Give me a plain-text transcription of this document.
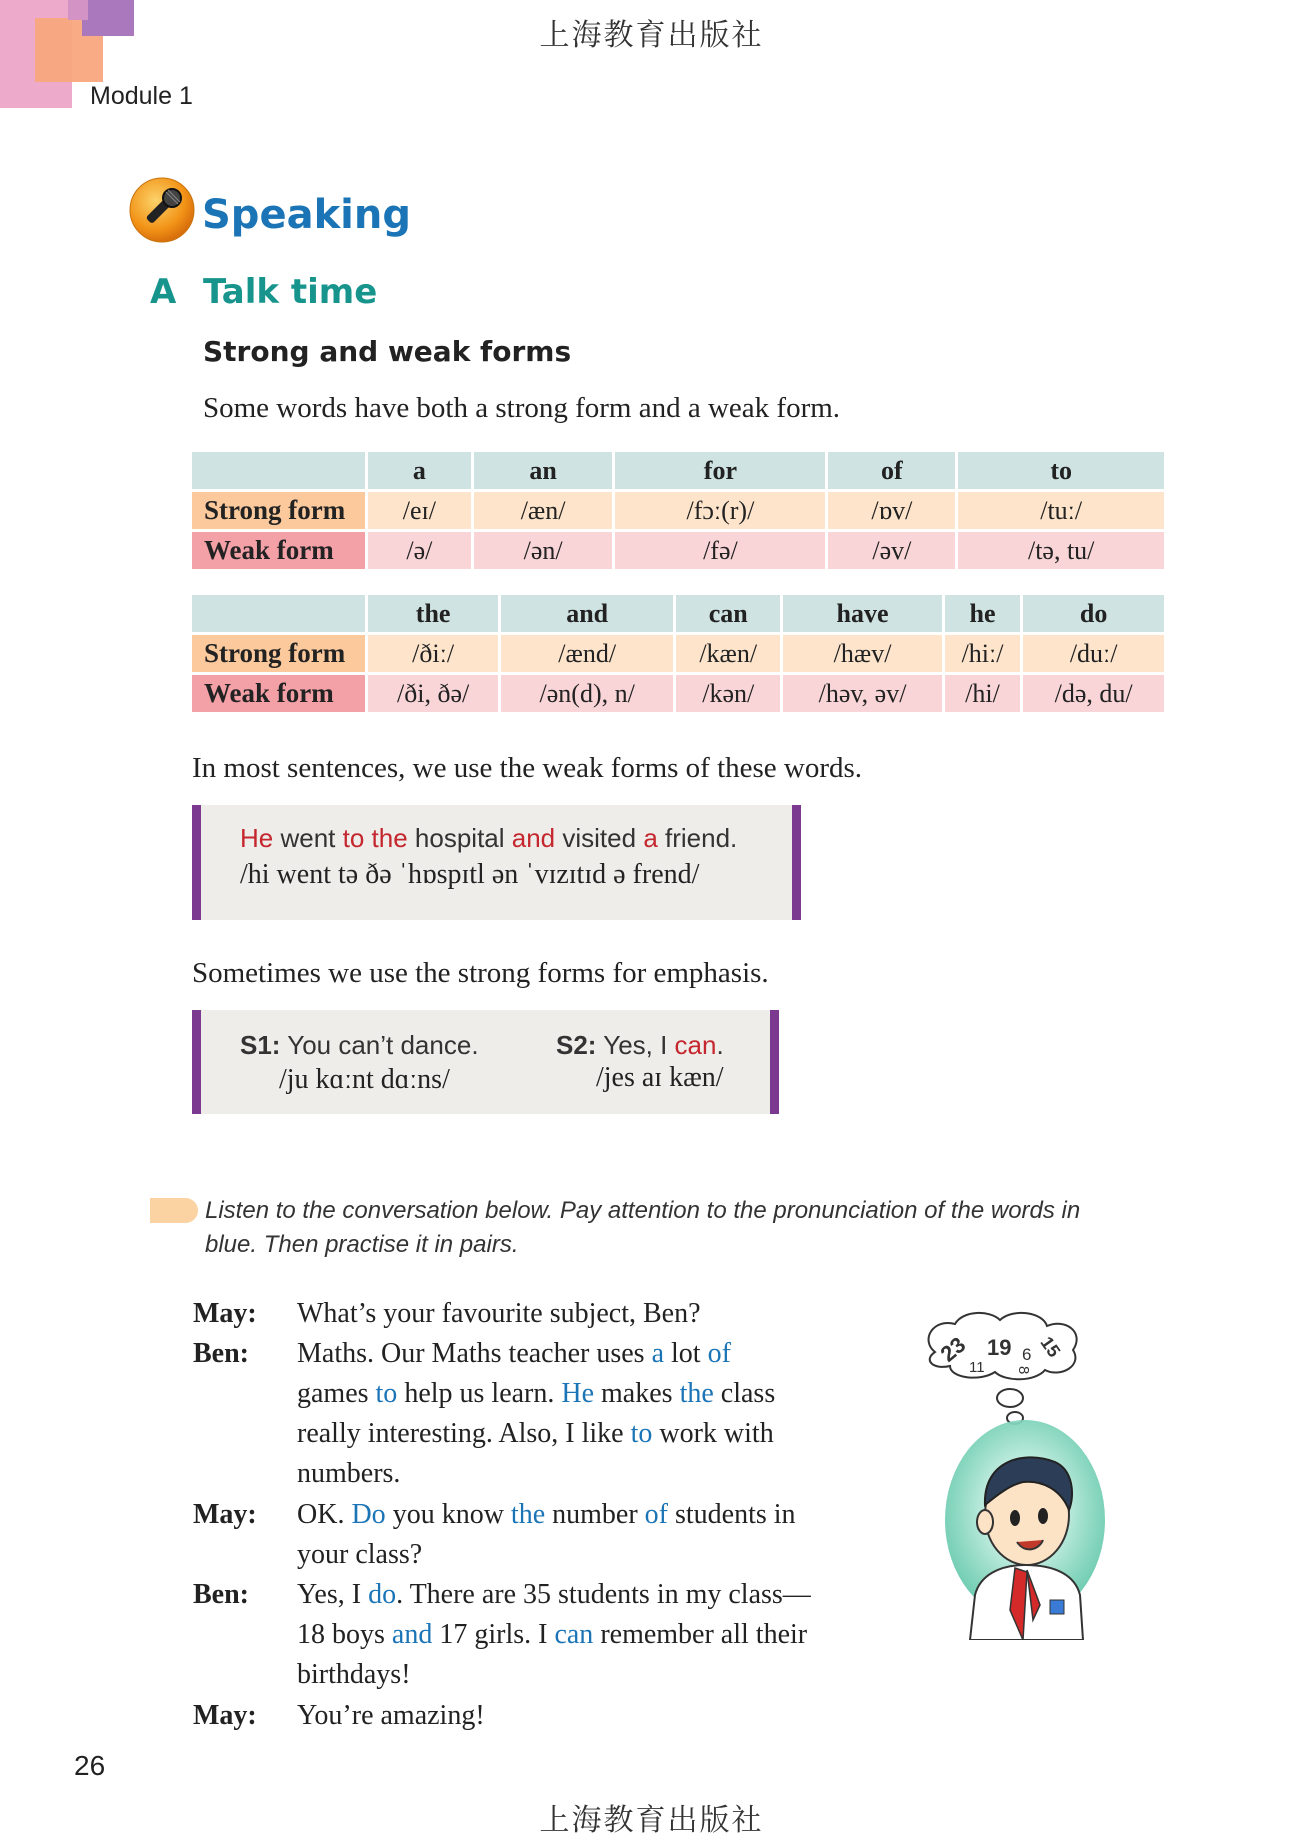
上海教育出版社
Module 1
Speaking
A Talk time
Strong and weak forms
Some words have both a strong form and a weak form.
	a	an	for	of	to
Strong form	/eɪ/	/æn/	/fɔː(r)/	/ɒv/	/tuː/
Weak form	/ə/	/ən/	/fə/	/əv/	/tə, tu/
	the	and	can	have	he	do
Strong form	/ðiː/	/ænd/	/kæn/	/hæv/	/hiː/	/duː/
Weak form	/ði, ðə/	/ən(d), n/	/kən/	/həv, əv/	/hi/	/də, du/
In most sentences, we use the weak forms of these words.
He went to the hospital and visited a friend.
/hi went tə ðə ˈhɒspɪtl ən ˈvɪzɪtɪd ə frend/
Sometimes we use the strong forms for emphasis.
S1: You can’t dance.
/ju kɑːnt dɑːns/
S2: Yes, I can.
/jes aɪ kæn/
Listen to the conversation below. Pay attention to the pronunciation of the words in
blue. Then practise it in pairs.
May:
Ben:
May:
Ben:
May:
What’s your favourite subject, Ben?
Maths. Our Maths teacher uses a lot of
games to help us learn. He makes the class
really interesting. Also, I like to work with
numbers.
OK. Do you know the number of students in
your class?
Yes, I do. There are 35 students in my class—
18 boys and 17 girls. I can remember all their
birthdays!
You’re amazing!
23
11
19 6
8
15
26
上海教育出版社
